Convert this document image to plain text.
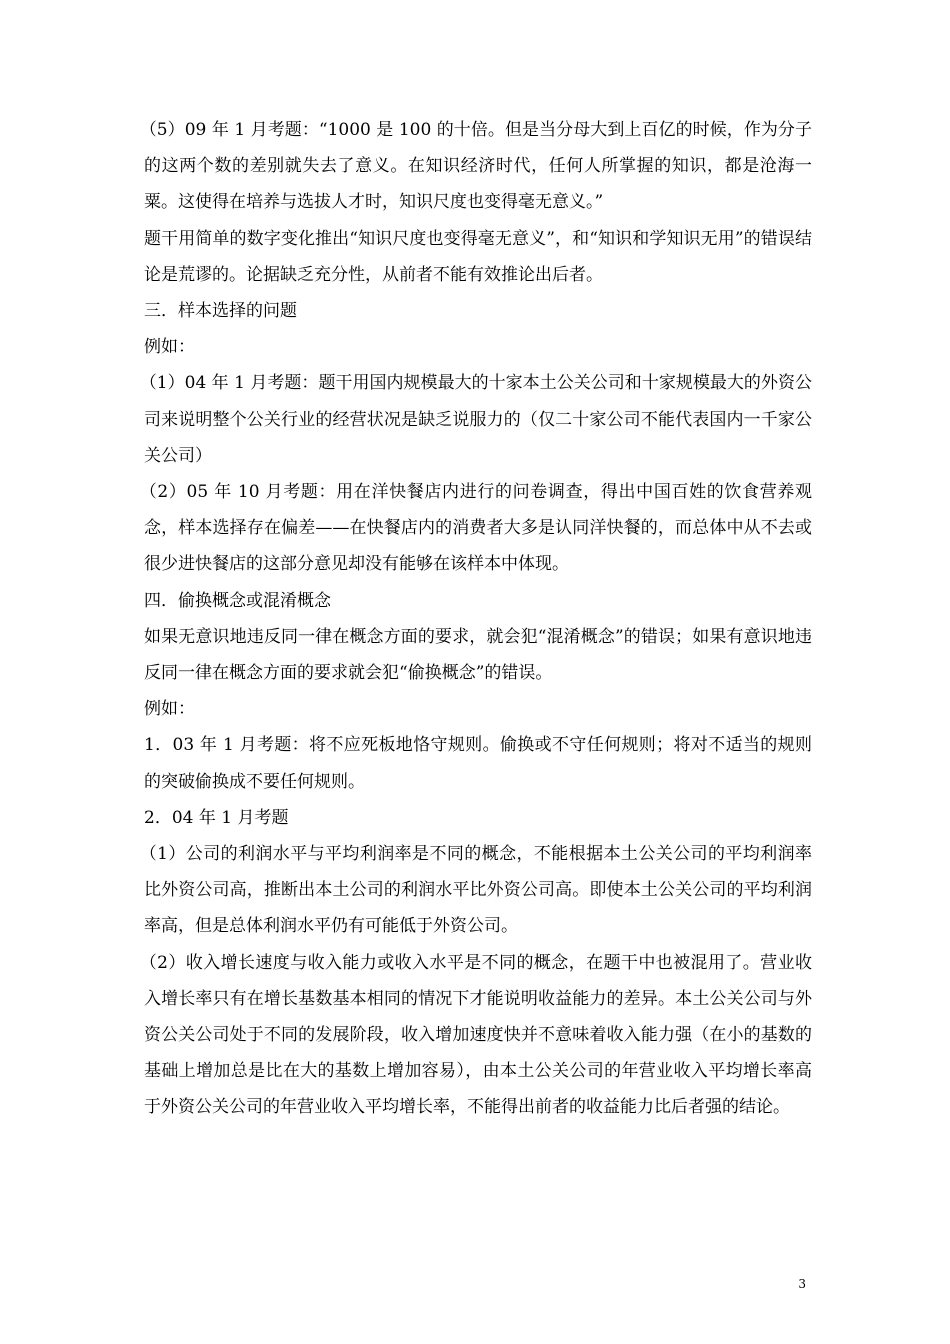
（5）09 年 1 月考题：“1000 是 100 的十倍。但是当分母大到上百亿的时候，作为分子的这两个数的差别就失去了意义。在知识经济时代，任何人所掌握的知识，都是沧海一粟。这使得在培养与选拔人才时，知识尺度也变得毫无意义。”

题干用简单的数字变化推出“知识尺度也变得毫无意义”，和“知识和学知识无用”的错误结论是荒谬的。论据缺乏充分性，从前者不能有效推论出后者。

三．样本选择的问题

例如：

（1）04 年 1 月考题：题干用国内规模最大的十家本土公关公司和十家规模最大的外资公司来说明整个公关行业的经营状况是缺乏说服力的（仅二十家公司不能代表国内一千家公关公司）

（2）05 年 10 月考题：用在洋快餐店内进行的问卷调查，得出中国百姓的饮食营养观念，样本选择存在偏差——在快餐店内的消费者大多是认同洋快餐的，而总体中从不去或很少进快餐店的这部分意见却没有能够在该样本中体现。

四．偷换概念或混淆概念

如果无意识地违反同一律在概念方面的要求，就会犯“混淆概念”的错误；如果有意识地违反同一律在概念方面的要求就会犯“偷换概念”的错误。

例如：

1．03 年 1 月考题：将不应死板地恪守规则。偷换或不守任何规则；将对不适当的规则的突破偷换成不要任何规则。

2．04 年 1 月考题

（1）公司的利润水平与平均利润率是不同的概念，不能根据本土公关公司的平均利润率比外资公司高，推断出本土公司的利润水平比外资公司高。即使本土公关公司的平均利润率高，但是总体利润水平仍有可能低于外资公司。

（2）收入增长速度与收入能力或收入水平是不同的概念，在题干中也被混用了。营业收入增长率只有在增长基数基本相同的情况下才能说明收益能力的差异。本土公关公司与外资公关公司处于不同的发展阶段，收入增加速度快并不意味着收入能力强（在小的基数的基础上增加总是比在大的基数上增加容易），由本土公关公司的年营业收入平均增长率高于外资公关公司的年营业收入平均增长率，不能得出前者的收益能力比后者强的结论。

3
